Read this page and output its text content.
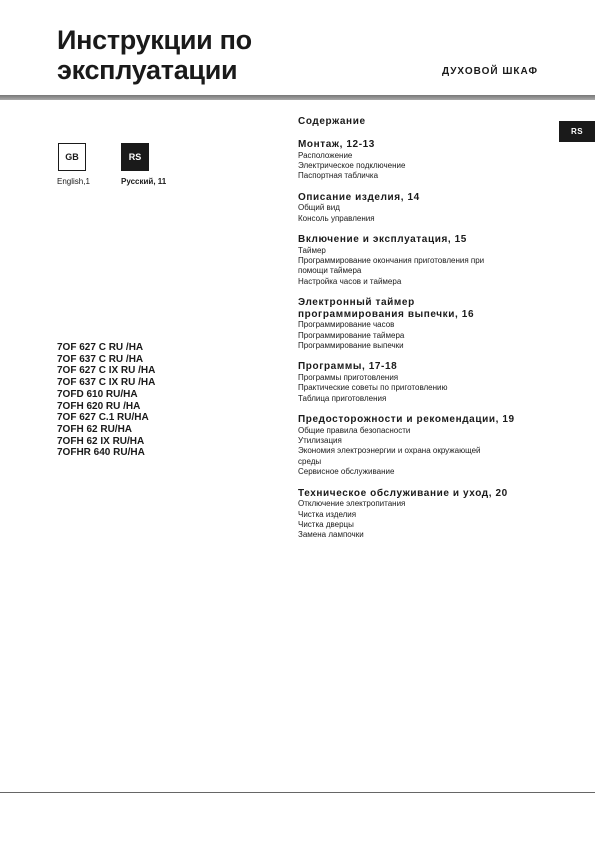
Инструкции по
эксплуатации	ДУХОВОЙ ШКАФ
RS
GB	RS
English,1	Русский, 11
7OF 627 C RU /HA
7OF 637 C RU /HA
7OF 627 C IX RU /HA
7OF 637 C IX RU /HA
7OFD 610 RU/HA
7OFH 620 RU /HA
7OF 627 C.1 RU/HA
7OFH 62 RU/HA
7OFH 62 IX RU/HA
7OFHR 640 RU/HA
Содержание
Монтаж, 12-13
Расположение
Электрическое подключение
Паспортная табличка
Описание изделия, 14
Общий вид
Консоль управления
Включение и эксплуатация, 15
Таймер
Программирование окончания приготовления при
помощи таймера
Настройка часов и таймера
Электронный таймер программирования выпечки, 16
Программирование часов
Программирование таймера
Программирование выпечки
Программы, 17-18
Программы приготовления
Практические советы по приготовлению
Таблица приготовления
Предосторожности и рекомендации, 19
Общие правила безопасности
Утилизация
Экономия электроэнергии и охрана окружающей
среды
Сервисное обслуживание
Техническое обслуживание и уход, 20
Отключение электропитания
Чистка изделия
Чистка дверцы
Замена лампочки
